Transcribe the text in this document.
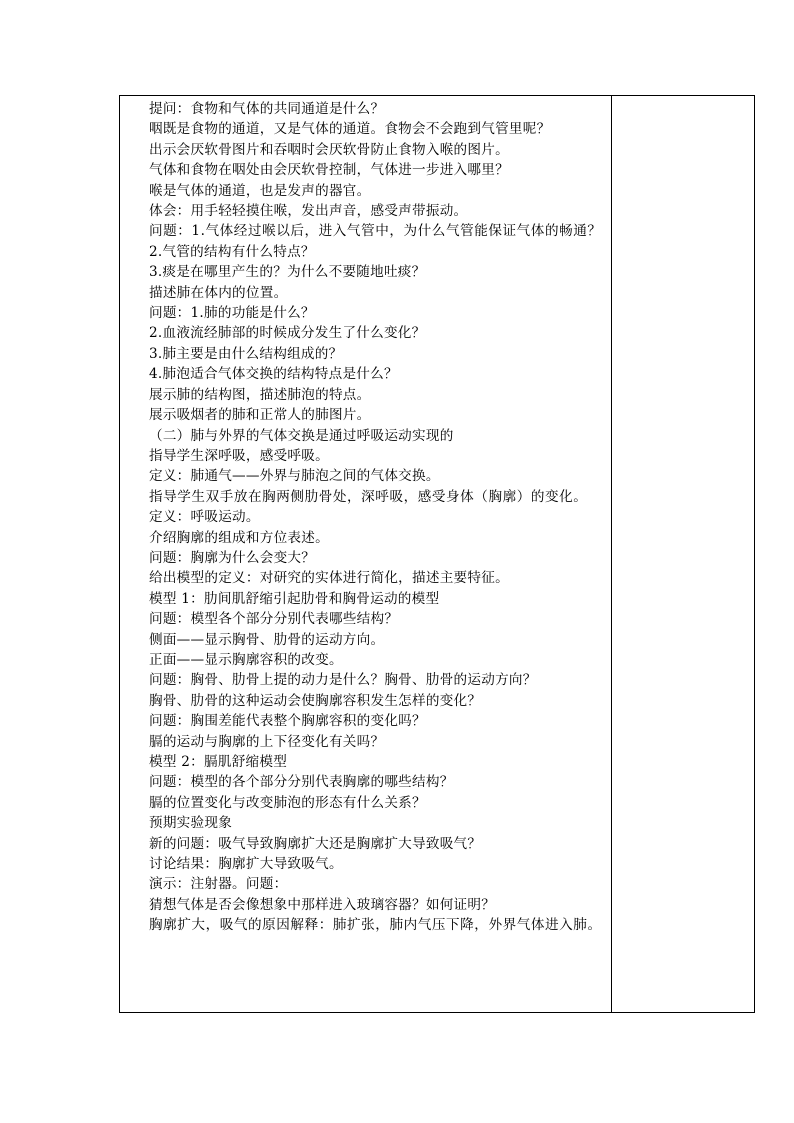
提问：食物和气体的共同通道是什么？

咽既是食物的通道，又是气体的通道。食物会不会跑到气管里呢？

出示会厌软骨图片和吞咽时会厌软骨防止食物入喉的图片。

气体和食物在咽处由会厌软骨控制，气体进一步进入哪里？

喉是气体的通道，也是发声的器官。

体会：用手轻轻摸住喉，发出声音，感受声带振动。

问题：1.气体经过喉以后，进入气管中，为什么气管能保证气体的畅通？

2.气管的结构有什么特点？

3.痰是在哪里产生的？为什么不要随地吐痰？

描述肺在体内的位置。

问题：1.肺的功能是什么？

2.血液流经肺部的时候成分发生了什么变化？

3.肺主要是由什么结构组成的？

4.肺泡适合气体交换的结构特点是什么？

展示肺的结构图，描述肺泡的特点。

展示吸烟者的肺和正常人的肺图片。

（二）肺与外界的气体交换是通过呼吸运动实现的

指导学生深呼吸，感受呼吸。

定义：肺通气——外界与肺泡之间的气体交换。

指导学生双手放在胸两侧肋骨处，深呼吸，感受身体（胸廓）的变化。

定义：呼吸运动。

介绍胸廓的组成和方位表述。

问题：胸廓为什么会变大？

给出模型的定义：对研究的实体进行简化，描述主要特征。

模型 1：肋间肌舒缩引起肋骨和胸骨运动的模型

问题：模型各个部分分别代表哪些结构？

侧面——显示胸骨、肋骨的运动方向。

正面——显示胸廓容积的改变。

问题：胸骨、肋骨上提的动力是什么？胸骨、肋骨的运动方向？

胸骨、肋骨的这种运动会使胸廓容积发生怎样的变化？

问题：胸围差能代表整个胸廓容积的变化吗？

膈的运动与胸廓的上下径变化有关吗？

模型 2：膈肌舒缩模型

问题：模型的各个部分分别代表胸廓的哪些结构？

膈的位置变化与改变肺泡的形态有什么关系？

预期实验现象

新的问题：吸气导致胸廓扩大还是胸廓扩大导致吸气？

讨论结果：胸廓扩大导致吸气。

演示：注射器。问题：

猜想气体是否会像想象中那样进入玻璃容器？如何证明？

胸廓扩大，吸气的原因解释：肺扩张，肺内气压下降，外界气体进入肺。
